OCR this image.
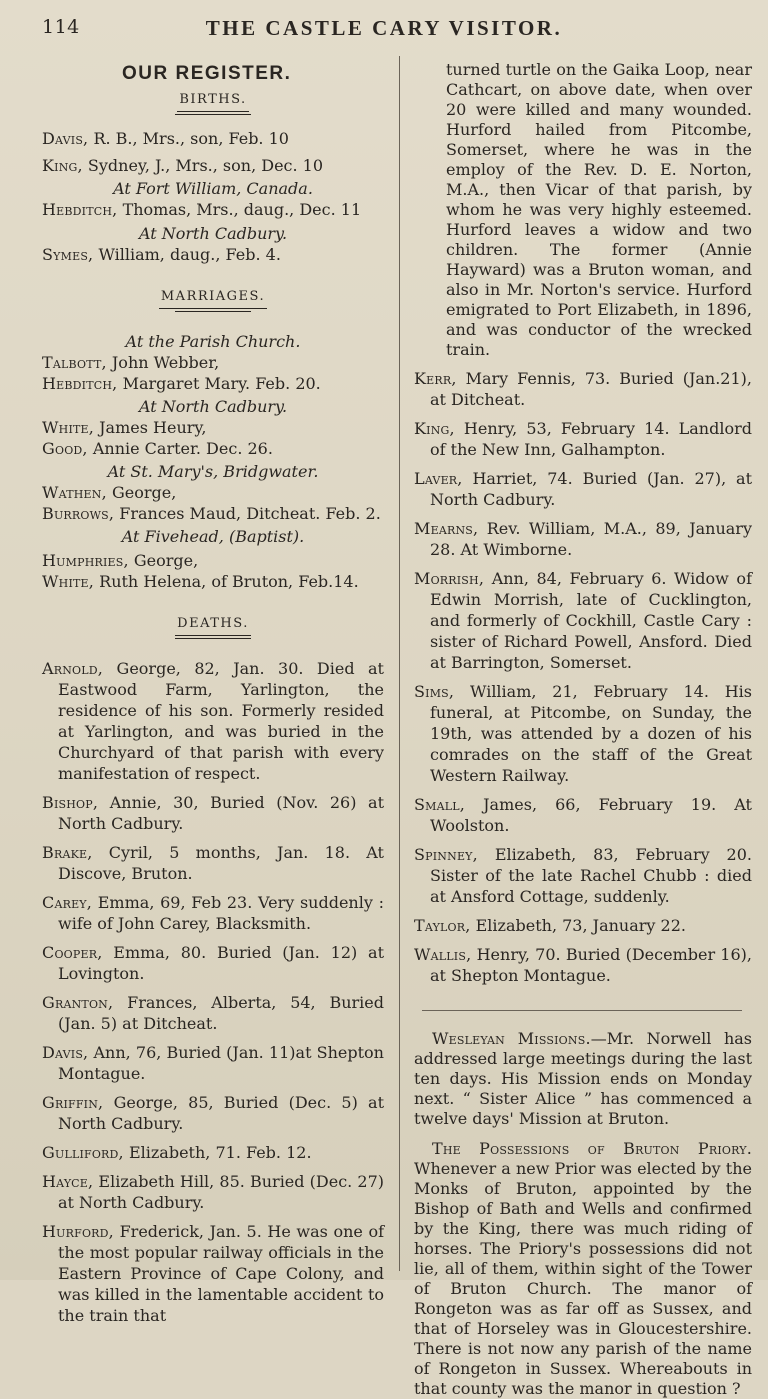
114	THE CASTLE CARY VISITOR.
OUR REGISTER.
BIRTHS.
Davis, R. B., Mrs., son, Feb. 10
King, Sydney, J., Mrs., son, Dec. 10
At Fort William, Canada.
Hebditch, Thomas, Mrs., daug., Dec. 11
At North Cadbury.
Symes, William, daug., Feb. 4.
MARRIAGES.
At the Parish Church.
Talbott, John Webber,
Hebditch, Margaret Mary. Feb. 20.
At North Cadbury.
White, James Heury,
Good, Annie Carter. Dec. 26.
At St. Mary's, Bridgwater.
Wathen, George,
Burrows, Frances Maud, Ditcheat. Feb. 2.
At Fivehead, (Baptist).
Humphries, George,
White, Ruth Helena, of Bruton, Feb.14.
DEATHS.
Arnold, George, 82, Jan. 30. Died at Eastwood Farm, Yarlington, the residence of his son. Formerly resided at Yarlington, and was buried in the Churchyard of that parish with every manifestation of respect.
Bishop, Annie, 30, Buried (Nov. 26) at North Cadbury.
Brake, Cyril, 5 months, Jan. 18. At Discove, Bruton.
Carey, Emma, 69, Feb 23. Very suddenly : wife of John Carey, Blacksmith.
Cooper, Emma, 80. Buried (Jan. 12) at Lovington.
Granton, Frances, Alberta, 54, Buried (Jan. 5) at Ditcheat.
Davis, Ann, 76, Buried (Jan. 11)at Shepton Montague.
Griffin, George, 85, Buried (Dec. 5) at North Cadbury.
Gulliford, Elizabeth, 71. Feb. 12.
Hayce, Elizabeth Hill, 85. Buried (Dec. 27) at North Cadbury.
Hurford, Frederick, Jan. 5. He was one of the most popular railway officials in the Eastern Province of Cape Colony, and was killed in the lamentable accident to the train that
turned turtle on the Gaika Loop, near Cathcart, on above date, when over 20 were killed and many wounded. Hurford hailed from Pitcombe, Somerset, where he was in the employ of the Rev. D. E. Norton, M.A., then Vicar of that parish, by whom he was very highly esteemed. Hurford leaves a widow and two children. The former (Annie Hayward) was a Bruton woman, and also in Mr. Norton's service. Hurford emigrated to Port Elizabeth, in 1896, and was conductor of the wrecked train.
Kerr, Mary Fennis, 73. Buried (Jan.21), at Ditcheat.
King, Henry, 53, February 14. Landlord of the New Inn, Galhampton.
Laver, Harriet, 74. Buried (Jan. 27), at North Cadbury.
Mearns, Rev. William, M.A., 89, January 28. At Wimborne.
Morrish, Ann, 84, February 6. Widow of Edwin Morrish, late of Cucklington, and formerly of Cockhill, Castle Cary : sister of Richard Powell, Ansford. Died at Barrington, Somerset.
Sims, William, 21, February 14. His funeral, at Pitcombe, on Sunday, the 19th, was attended by a dozen of his comrades on the staff of the Great Western Railway.
Small, James, 66, February 19. At Woolston.
Spinney, Elizabeth, 83, February 20. Sister of the late Rachel Chubb : died at Ansford Cottage, suddenly.
Taylor, Elizabeth, 73, January 22.
Wallis, Henry, 70. Buried (December 16), at Shepton Montague.
Wesleyan Missions.—Mr. Norwell has addressed large meetings during the last ten days. His Mission ends on Monday next. “ Sister Alice ” has commenced a twelve days' Mission at Bruton.
The Possessions of Bruton Priory. Whenever a new Prior was elected by the Monks of Bruton, appointed by the Bishop of Bath and Wells and confirmed by the King, there was much riding of horses. The Priory's possessions did not lie, all of them, within sight of the Tower of Bruton Church. The manor of Rongeton was as far off as Sussex, and that of Horseley was in Gloucestershire. There is not now any parish of the name of Rongeton in Sussex. Whereabouts in that county was the manor in question ?
